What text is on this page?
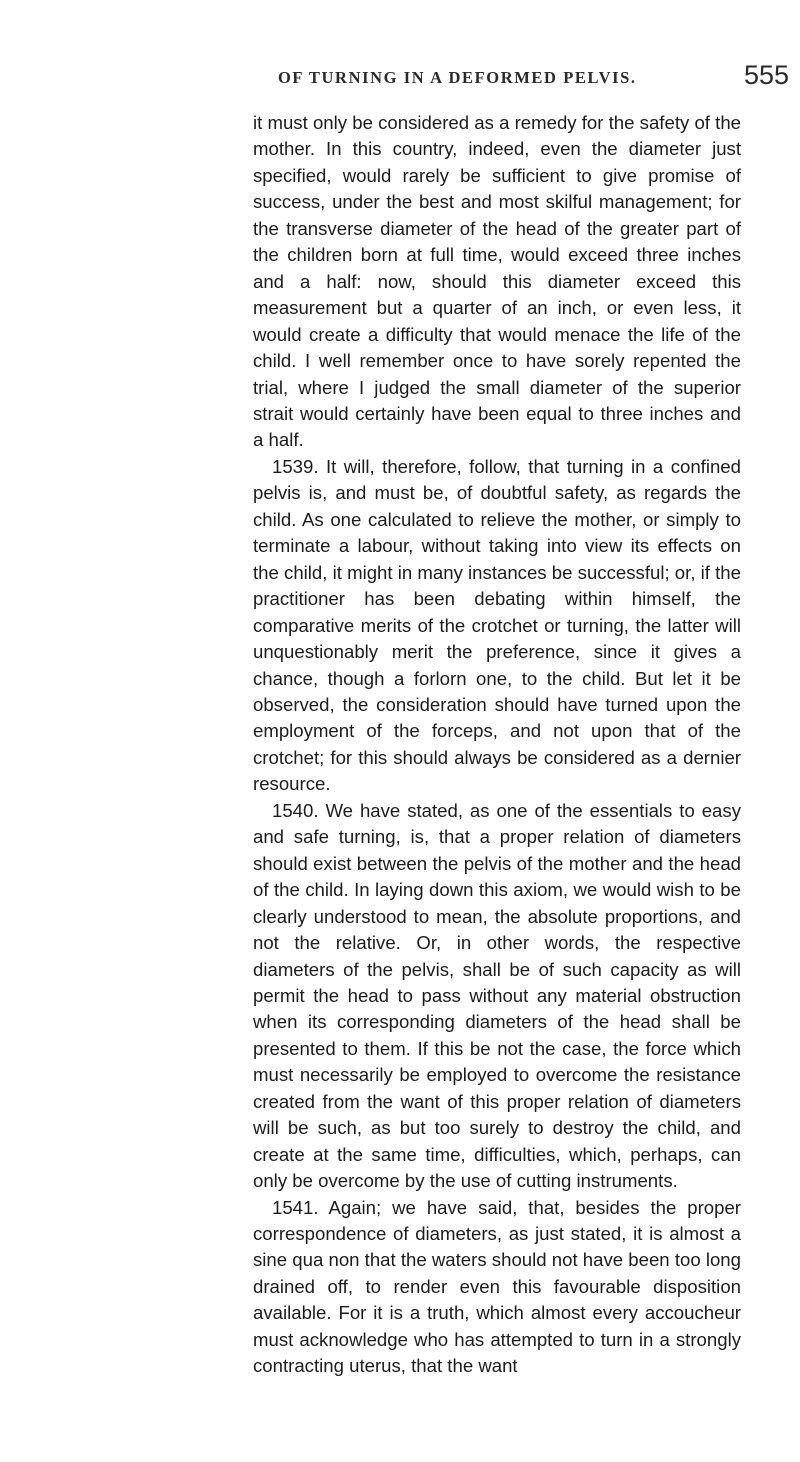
OF TURNING IN A DEFORMED PELVIS.	555

it must only be considered as a remedy for the safety of the mother. In this country, indeed, even the diameter just specified, would rarely be sufficient to give promise of success, under the best and most skilful management; for the transverse diameter of the head of the greater part of the children born at full time, would exceed three inches and a half: now, should this diameter exceed this measurement but a quarter of an inch, or even less, it would create a difficulty that would menace the life of the child. I well remember once to have sorely repented the trial, where I judged the small diameter of the superior strait would certainly have been equal to three inches and a half.

1539. It will, therefore, follow, that turning in a confined pelvis is, and must be, of doubtful safety, as regards the child. As one calculated to relieve the mother, or simply to terminate a labour, without taking into view its effects on the child, it might in many instances be successful; or, if the practitioner has been debating within himself, the comparative merits of the crotchet or turning, the latter will unquestionably merit the preference, since it gives a chance, though a forlorn one, to the child. But let it be observed, the consideration should have turned upon the employment of the forceps, and not upon that of the crotchet; for this should always be considered as a dernier resource.

1540. We have stated, as one of the essentials to easy and safe turning, is, that a proper relation of diameters should exist between the pelvis of the mother and the head of the child. In laying down this axiom, we would wish to be clearly understood to mean, the absolute proportions, and not the relative. Or, in other words, the respective diameters of the pelvis, shall be of such capacity as will permit the head to pass without any material obstruction when its corresponding diameters of the head shall be presented to them. If this be not the case, the force which must necessarily be employed to overcome the resistance created from the want of this proper relation of diameters will be such, as but too surely to destroy the child, and create at the same time, difficulties, which, perhaps, can only be overcome by the use of cutting instruments.

1541. Again; we have said, that, besides the proper correspondence of diameters, as just stated, it is almost a sine qua non that the waters should not have been too long drained off, to render even this favourable disposition available. For it is a truth, which almost every accoucheur must acknowledge who has attempted to turn in a strongly contracting uterus, that the want
